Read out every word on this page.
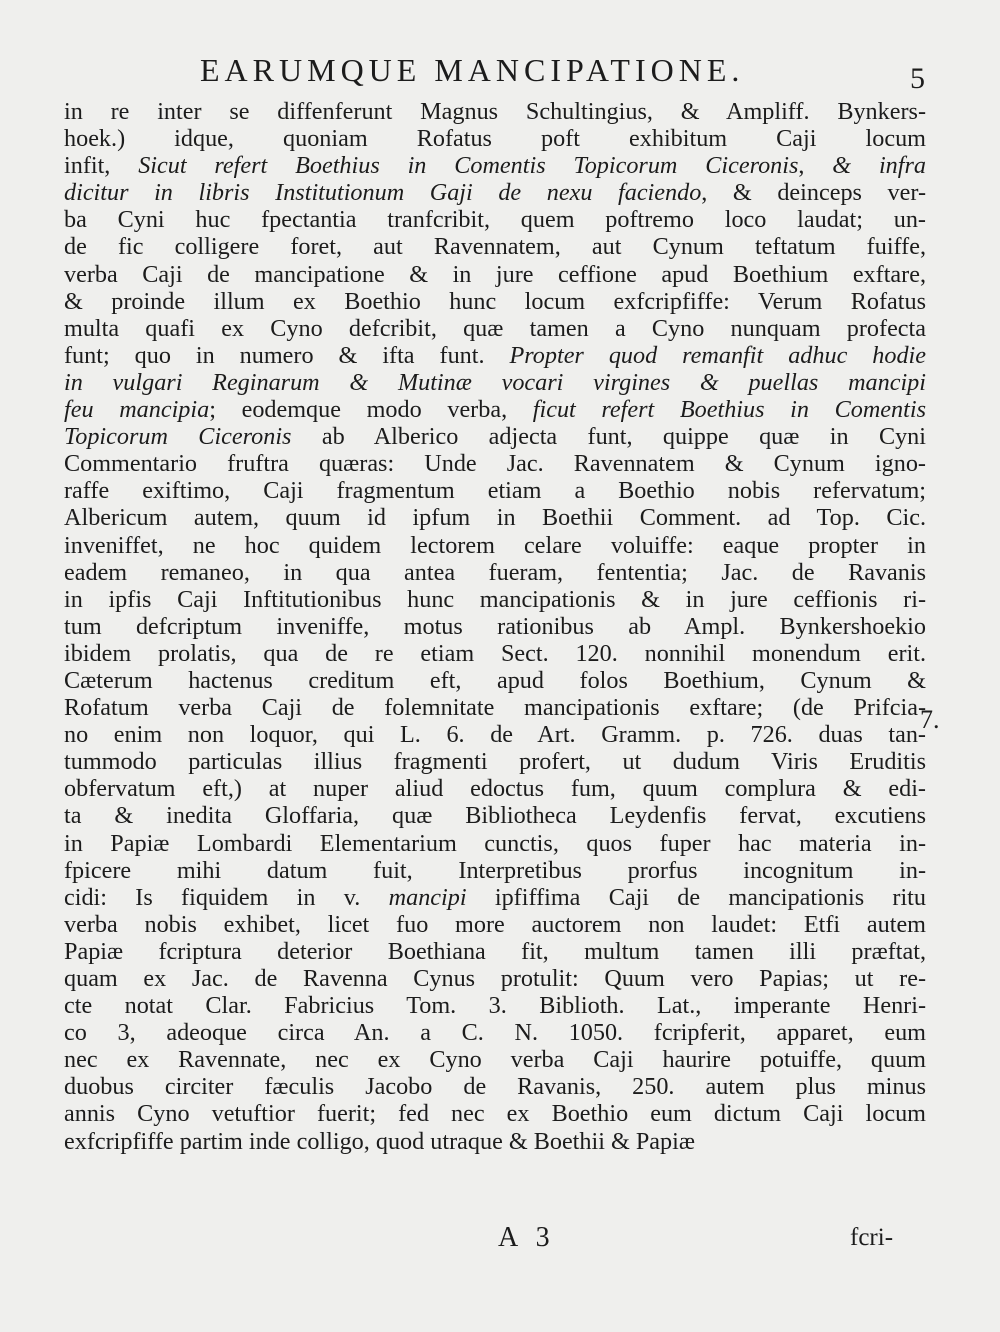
EARUMQUE MANCIPATIONE.	5
in re inter se diffenferunt Magnus Schultingius, & Ampliff. Bynkers-
hoek.) idque, quoniam Rofatus poft exhibitum Caji locum
infit, Sicut refert Boethius in Comentis Topicorum Ciceronis, & infra
dicitur in libris Institutionum Gaji de nexu faciendo, & deinceps ver-
ba Cyni huc fpectantia tranfcribit, quem poftremo loco laudat; un-
de fic colligere foret, aut Ravennatem, aut Cynum teftatum fuiffe,
verba Caji de mancipatione & in jure ceffione apud Boethium exftare,
& proinde illum ex Boethio hunc locum exfcripfiffe: Verum Rofatus
multa quafi ex Cyno defcribit, quæ tamen a Cyno nunquam profecta
funt; quo in numero & ifta funt. Propter quod remanfit adhuc hodie
in vulgari Reginarum & Mutinæ vocari virgines & puellas mancipi
feu mancipia; eodemque modo verba, ficut refert Boethius in Comentis
Topicorum Ciceronis ab Alberico adjecta funt, quippe quæ in Cyni
Commentario fruftra quæras: Unde Jac. Ravennatem & Cynum igno-
raffe exiftimo, Caji fragmentum etiam a Boethio nobis refervatum;
Albericum autem, quum id ipfum in Boethii Comment. ad Top. Cic.
inveniffet, ne hoc quidem lectorem celare voluiffe: eaque propter in
eadem remaneo, in qua antea fueram, fententia; Jac. de Ravanis
in ipfis Caji Inftitutionibus hunc mancipationis & in jure ceffionis ri-
tum defcriptum inveniffe, motus rationibus ab Ampl. Bynkershoekio
ibidem prolatis, qua de re etiam Sect. 120. nonnihil monendum erit.
Cæterum hactenus creditum eft, apud folos Boethium, Cynum &
Rofatum verba Caji de folemnitate mancipationis exftare; (de Prifcia-
no enim non loquor, qui L. 6. de Art. Gramm. p. 726. duas tan-
tummodo particulas illius fragmenti profert, ut dudum Viris Eruditis
obfervatum eft,) at nuper aliud edoctus fum, quum complura & edi-
ta & inedita Gloffaria, quæ Bibliotheca Leydenfis fervat, excutiens
in Papiæ Lombardi Elementarium cunctis, quos fuper hac materia in-
fpicere mihi datum fuit, Interpretibus prorfus incognitum in-
cidi: Is fiquidem in v. mancipi ipfiffima Caji de mancipationis ritu
verba nobis exhibet, licet fuo more auctorem non laudet: Etfi autem
Papiæ fcriptura deterior Boethiana fit, multum tamen illi præftat,
quam ex Jac. de Ravenna Cynus protulit: Quum vero Papias; ut re-
cte notat Clar. Fabricius Tom. 3. Biblioth. Lat., imperante Henri-
co 3, adeoque circa An. a C. N. 1050. fcripferit, apparet, eum
nec ex Ravennate, nec ex Cyno verba Caji haurire potuiffe, quum
duobus circiter fæculis Jacobo de Ravanis, 250. autem plus minus
annis Cyno vetuftior fuerit; fed nec ex Boethio eum dictum Caji locum
exfcripfiffe partim inde colligo, quod utraque & Boethii & Papiæ
7.
A 3	fcri-
